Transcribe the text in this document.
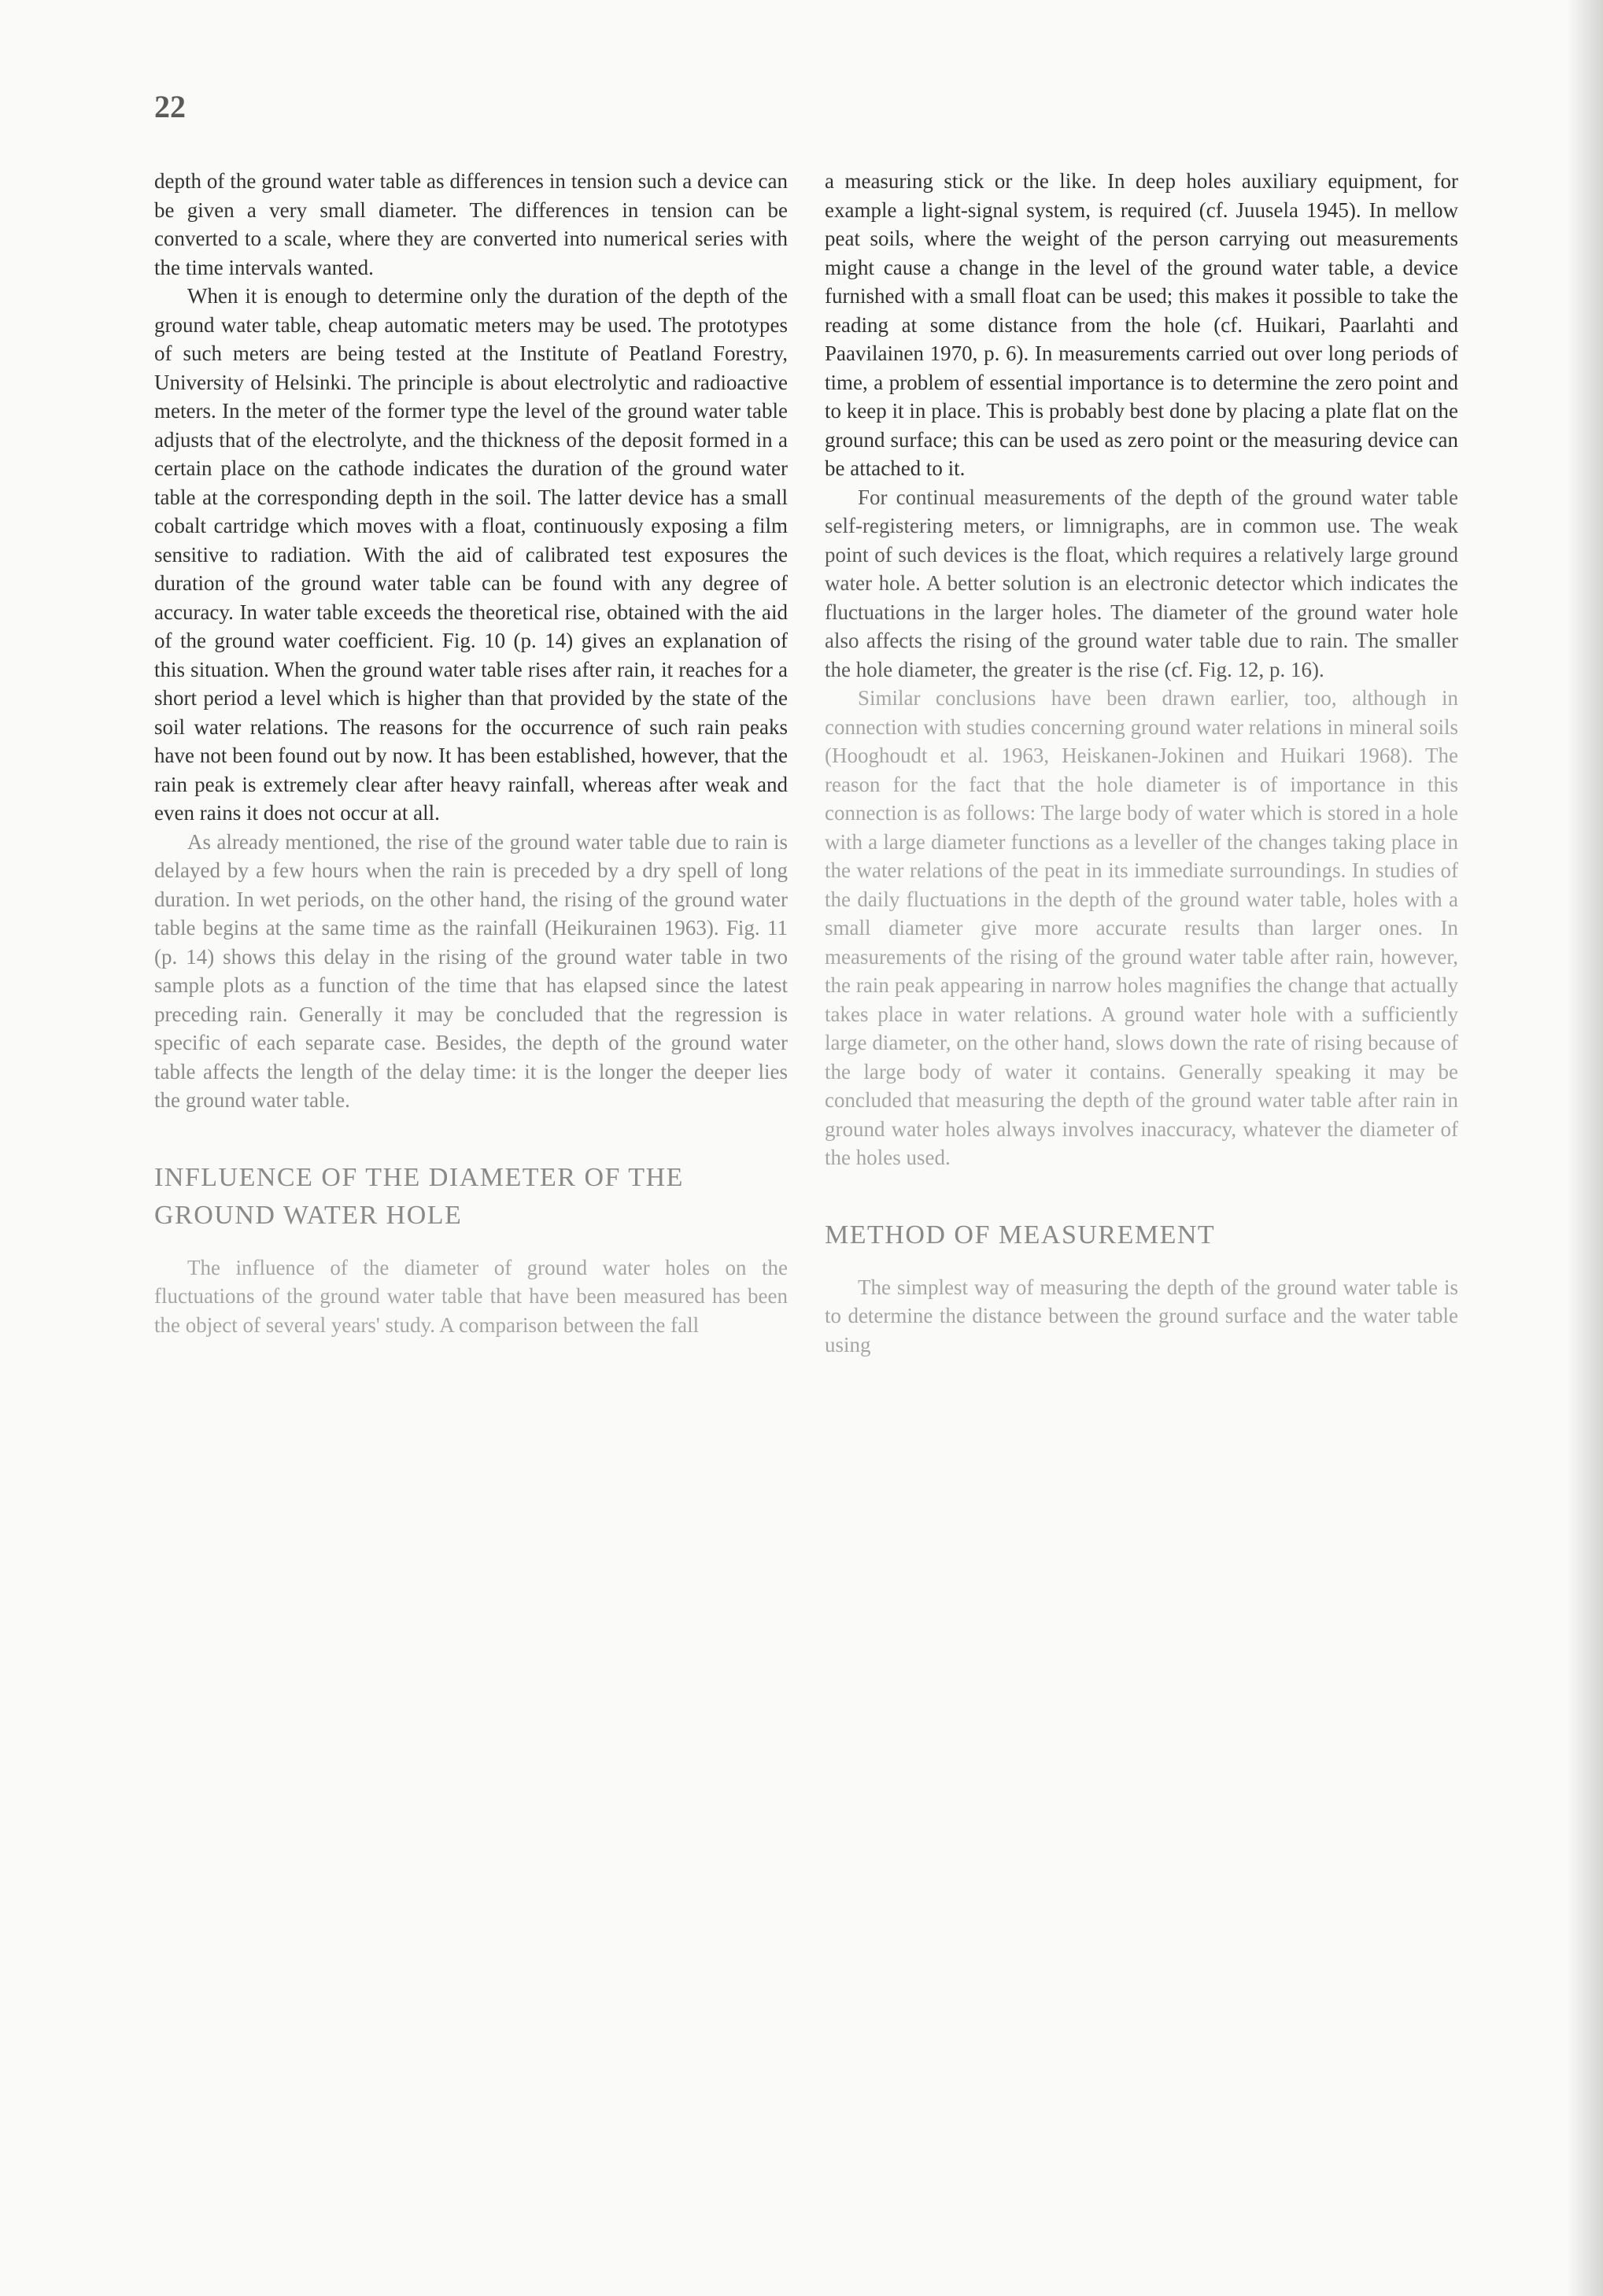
22

depth of the ground water table as differences in tension such a device can be given a very small diameter. The differences in tension can be converted to a scale, where they are converted into numerical series with the time intervals wanted.

When it is enough to determine only the duration of the depth of the ground water table, cheap automatic meters may be used. The prototypes of such meters are being tested at the Institute of Peatland Forestry, University of Helsinki. The principle is about electrolytic and radioactive meters. In the meter of the former type the level of the ground water table adjusts that of the electrolyte, and the thickness of the deposit formed in a certain place on the cathode indicates the duration of the ground water table at the corresponding depth in the soil. The latter device has a small cobalt cartridge which moves with a float, continuously exposing a film sensitive to radiation. With the aid of calibrated test exposures the duration of the ground water table can be found with any degree of accuracy. In water table exceeds the theoretical rise, obtained with the aid of the ground water coefficient. Fig. 10 (p. 14) gives an explanation of this situation. When the ground water table rises after rain, it reaches for a short period a level which is higher than that provided by the state of the soil water relations. The reasons for the occurrence of such rain peaks have not been found out by now. It has been established, however, that the rain peak is extremely clear after heavy rainfall, whereas after weak and even rains it does not occur at all.

As already mentioned, the rise of the ground water table due to rain is delayed by a few hours when the rain is preceded by a dry spell of long duration. In wet periods, on the other hand, the rising of the ground water table begins at the same time as the rainfall (Heikurainen 1963). Fig. 11 (p. 14) shows this delay in the rising of the ground water table in two sample plots as a function of the time that has elapsed since the latest preceding rain. Generally it may be concluded that the regression is specific of each separate case. Besides, the depth of the ground water table affects the length of the delay time: it is the longer the deeper lies the ground water table.

INFLUENCE OF THE DIAMETER OF THE GROUND WATER HOLE

The influence of the diameter of ground water holes on the fluctuations of the ground water table that have been measured has been the object of several years' study. A comparison between the fall

a measuring stick or the like. In deep holes auxiliary equipment, for example a light-signal system, is required (cf. Juusela 1945). In mellow peat soils, where the weight of the person carrying out measurements might cause a change in the level of the ground water table, a device furnished with a small float can be used; this makes it possible to take the reading at some distance from the hole (cf. Huikari, Paarlahti and Paavilainen 1970, p. 6). In measurements carried out over long periods of time, a problem of essential importance is to determine the zero point and to keep it in place. This is probably best done by placing a plate flat on the ground surface; this can be used as zero point or the measuring device can be attached to it.

For continual measurements of the depth of the ground water table self-registering meters, or limnigraphs, are in common use. The weak point of such devices is the float, which requires a relatively large ground water hole. A better solution is an electronic detector which indicates the fluctuations in the larger holes. The diameter of the ground water hole also affects the rising of the ground water table due to rain. The smaller the hole diameter, the greater is the rise (cf. Fig. 12, p. 16).

Similar conclusions have been drawn earlier, too, although in connection with studies concerning ground water relations in mineral soils (Hooghoudt et al. 1963, Heiskanen-Jokinen and Huikari 1968). The reason for the fact that the hole diameter is of importance in this connection is as follows: The large body of water which is stored in a hole with a large diameter functions as a leveller of the changes taking place in the water relations of the peat in its immediate surroundings. In studies of the daily fluctuations in the depth of the ground water table, holes with a small diameter give more accurate results than larger ones. In measurements of the rising of the ground water table after rain, however, the rain peak appearing in narrow holes magnifies the change that actually takes place in water relations. A ground water hole with a sufficiently large diameter, on the other hand, slows down the rate of rising because of the large body of water it contains. Generally speaking it may be concluded that measuring the depth of the ground water table after rain in ground water holes always involves inaccuracy, whatever the diameter of the holes used.

METHOD OF MEASUREMENT

The simplest way of measuring the depth of the ground water table is to determine the distance between the ground surface and the water table using
